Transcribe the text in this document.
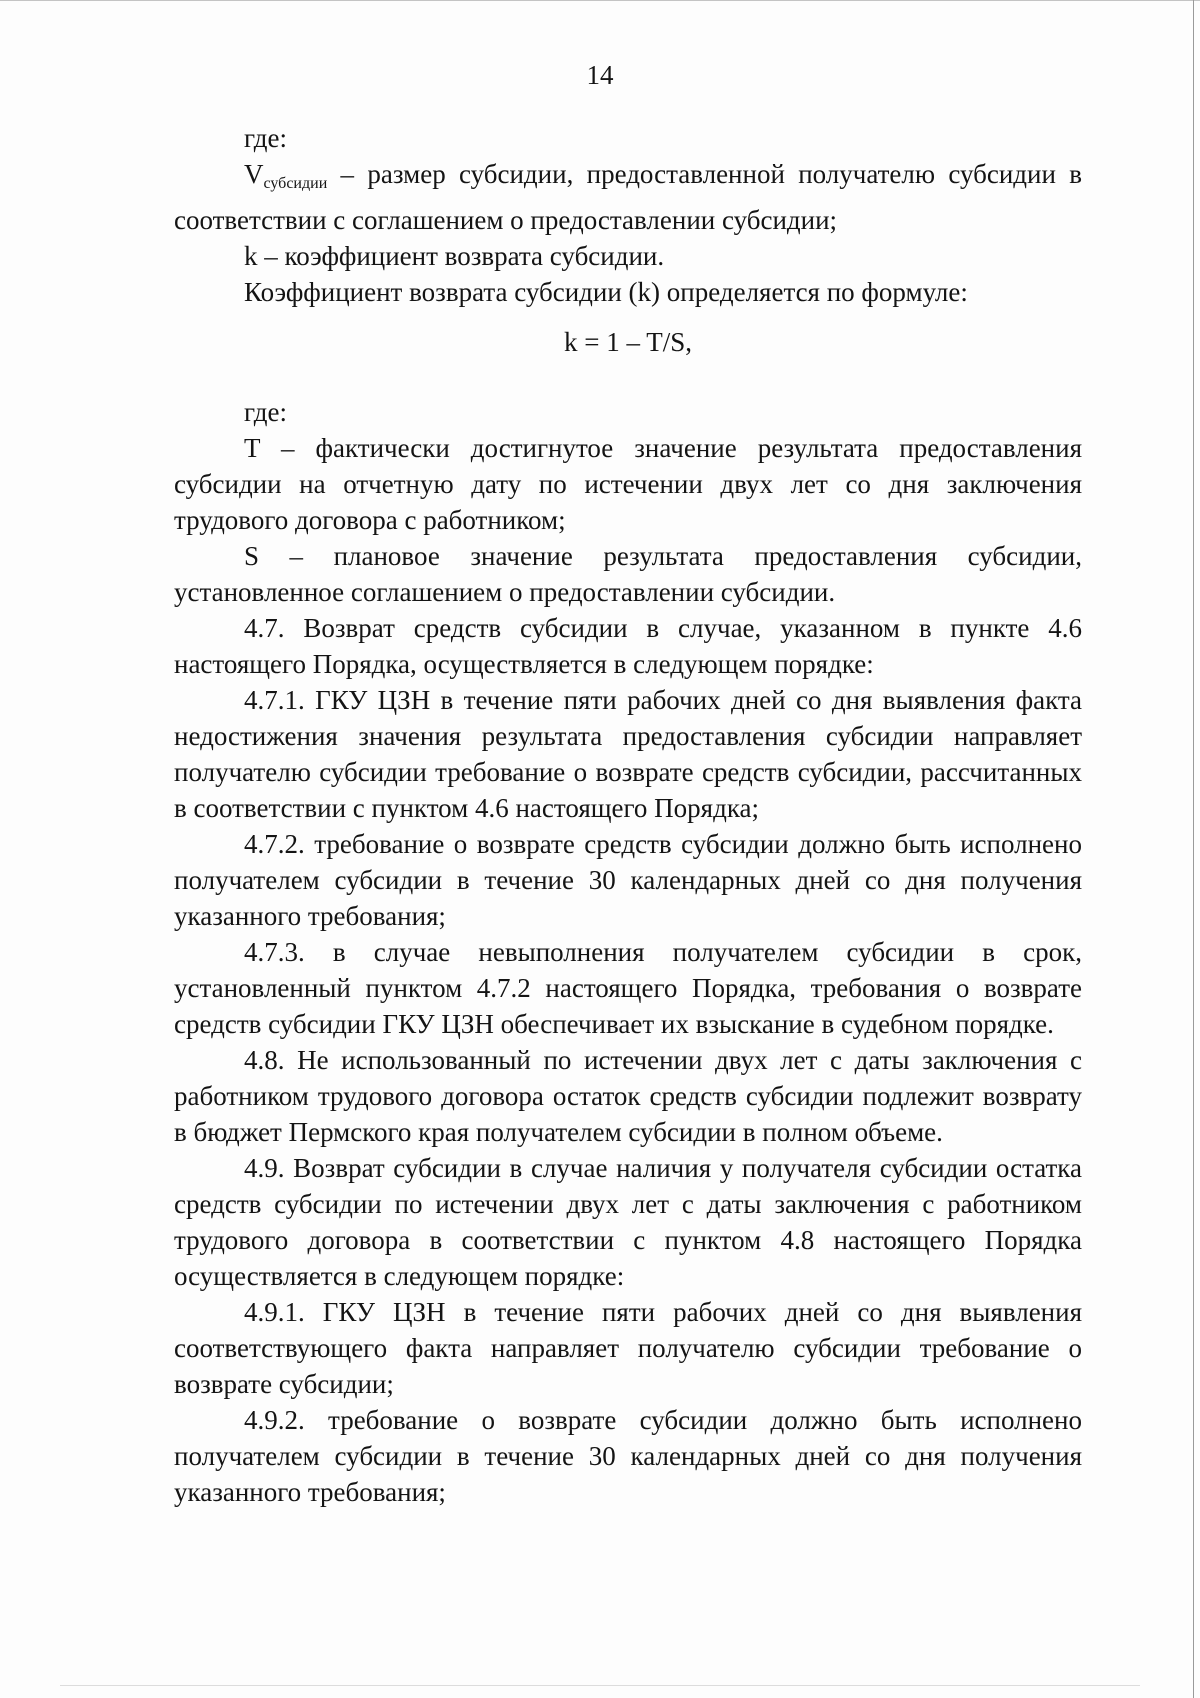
14

где:

$V_{субсидии}$ – размер субсидии, предоставленной получателю субсидии в соответствии с соглашением о предоставлении субсидии;

k – коэффициент возврата субсидии.

Коэффициент возврата субсидии (k) определяется по формуле:

k = 1 – T/S,

где:

T – фактически достигнутое значение результата предоставления субсидии на отчетную дату по истечении двух лет со дня заключения трудового договора с работником;

S – плановое значение результата предоставления субсидии, установленное соглашением о предоставлении субсидии.

4.7. Возврат средств субсидии в случае, указанном в пункте 4.6 настоящего Порядка, осуществляется в следующем порядке:

4.7.1. ГКУ ЦЗН в течение пяти рабочих дней со дня выявления факта недостижения значения результата предоставления субсидии направляет получателю субсидии требование о возврате средств субсидии, рассчитанных в соответствии с пунктом 4.6 настоящего Порядка;

4.7.2. требование о возврате средств субсидии должно быть исполнено получателем субсидии в течение 30 календарных дней со дня получения указанного требования;

4.7.3. в случае невыполнения получателем субсидии в срок, установленный пунктом 4.7.2 настоящего Порядка, требования о возврате средств субсидии ГКУ ЦЗН обеспечивает их взыскание в судебном порядке.

4.8. Не использованный по истечении двух лет с даты заключения с работником трудового договора остаток средств субсидии подлежит возврату в бюджет Пермского края получателем субсидии в полном объеме.

4.9. Возврат субсидии в случае наличия у получателя субсидии остатка средств субсидии по истечении двух лет с даты заключения с работником трудового договора в соответствии с пунктом 4.8 настоящего Порядка осуществляется в следующем порядке:

4.9.1. ГКУ ЦЗН в течение пяти рабочих дней со дня выявления соответствующего факта направляет получателю субсидии требование о возврате субсидии;

4.9.2. требование о возврате субсидии должно быть исполнено получателем субсидии в течение 30 календарных дней со дня получения указанного требования;
